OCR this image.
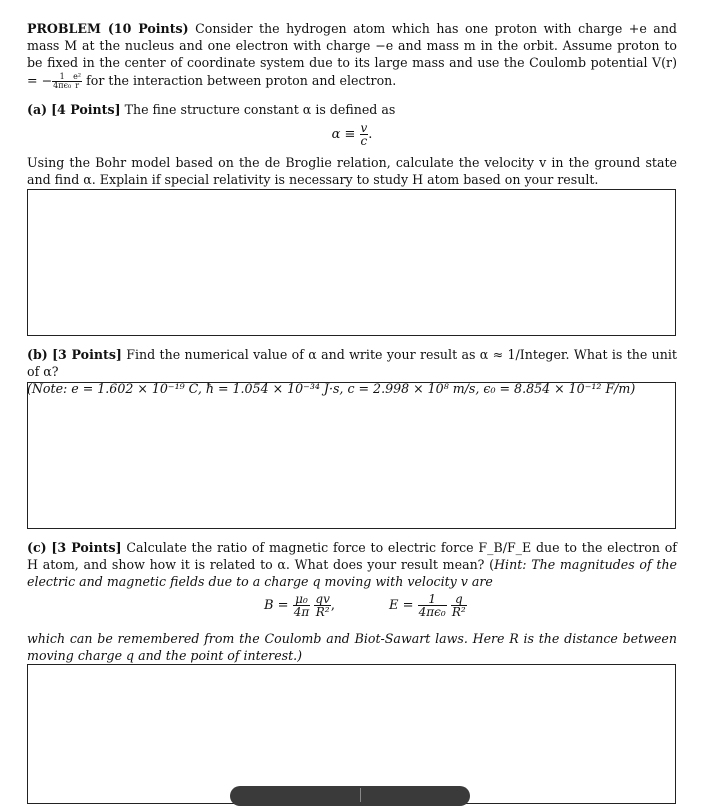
PROBLEM (10 Points) Consider the hydrogen atom which has one proton with charge +e and mass M at the nucleus and one electron with charge −e and mass m in the orbit. Assume proton to be fixed in the center of coordinate system due to its large mass and use the Coulomb potential V(r) = − $\frac{1}{\text{4πϵ₀}} \frac{\text{e²}}{r}$ for the interaction between proton and electron.

(a) [4 Points] The fine structure constant α is defined as

$\alpha \equiv \frac{v}{c}$ .

Using the Bohr model based on the de Broglie relation, calculate the velocity v in the ground state and find α. Explain if special relativity is necessary to study H atom based on your result.

(b) [3 Points] Find the numerical value of α and write your result as α ≈ 1/Integer. What is the unit of α?
(Note: e = 1.602 × 10⁻¹⁹ C, ħ = 1.054 × 10⁻³⁴ J·s, c = 2.998 × 10⁸ m/s, ϵ₀ = 8.854 × 10⁻¹² F/m)

(c) [3 Points] Calculate the ratio of magnetic force to electric force F_B/F_E due to the electron of H atom, and show how it is related to α. What does your result mean? (Hint: The magnitudes of the electric and magnetic fields due to a charge q moving with velocity v are

$B = \frac{\text{μ₀}}{4\pi}$
$\frac{qv}{\text{R²}}$ ,	$E = \frac{1}{\text{4πϵ₀}}$
$\frac{q}{\text{R²}}$

which can be remembered from the Coulomb and Biot-Sawart laws. Here R is the distance between moving charge q and the point of interest.)
